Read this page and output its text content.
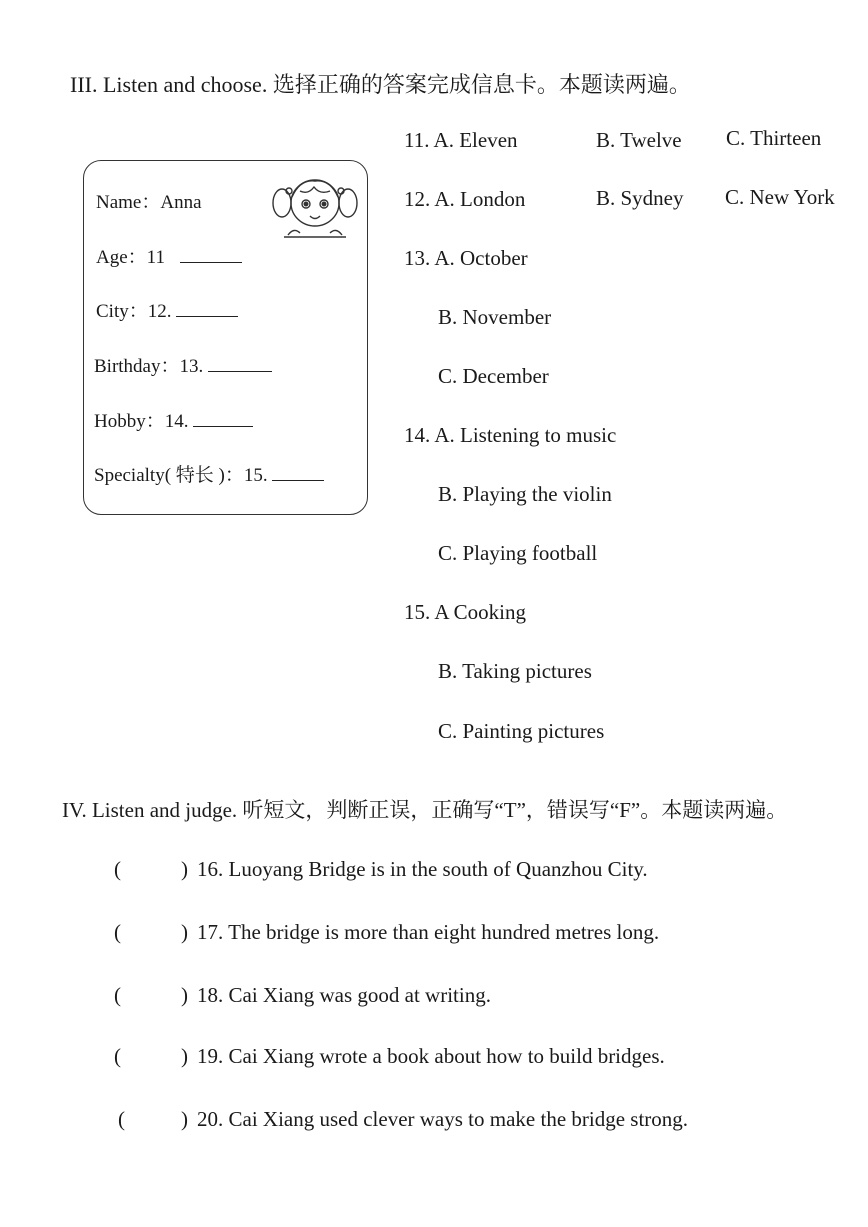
III. Listen and choose. 选择正确的答案完成信息卡。本题读两遍。
Name：Anna
Age：11
City：12.
Birthday：13.
Hobby：14.
Specialty( 特长 )：15.
11. A. Eleven	B. Twelve C. Thirteen
12. A. London	B. Sydney C. New York
13. A. October
B. November
C. December
14. A. Listening to music
B. Playing the violin
C. Playing football
15. A Cooking
B. Taking pictures
C. Painting pictures
IV. Listen and judge. 听短文，判断正误，正确写“T”，错误写“F”。本题读两遍。
(	) 16. Luoyang Bridge is in the south of Quanzhou City.
(	) 17. The bridge is more than eight hundred metres long.
(	) 18. Cai Xiang was good at writing.
(	) 19. Cai Xiang wrote a book about how to build bridges.
(	) 20. Cai Xiang used clever ways to make the bridge strong.
